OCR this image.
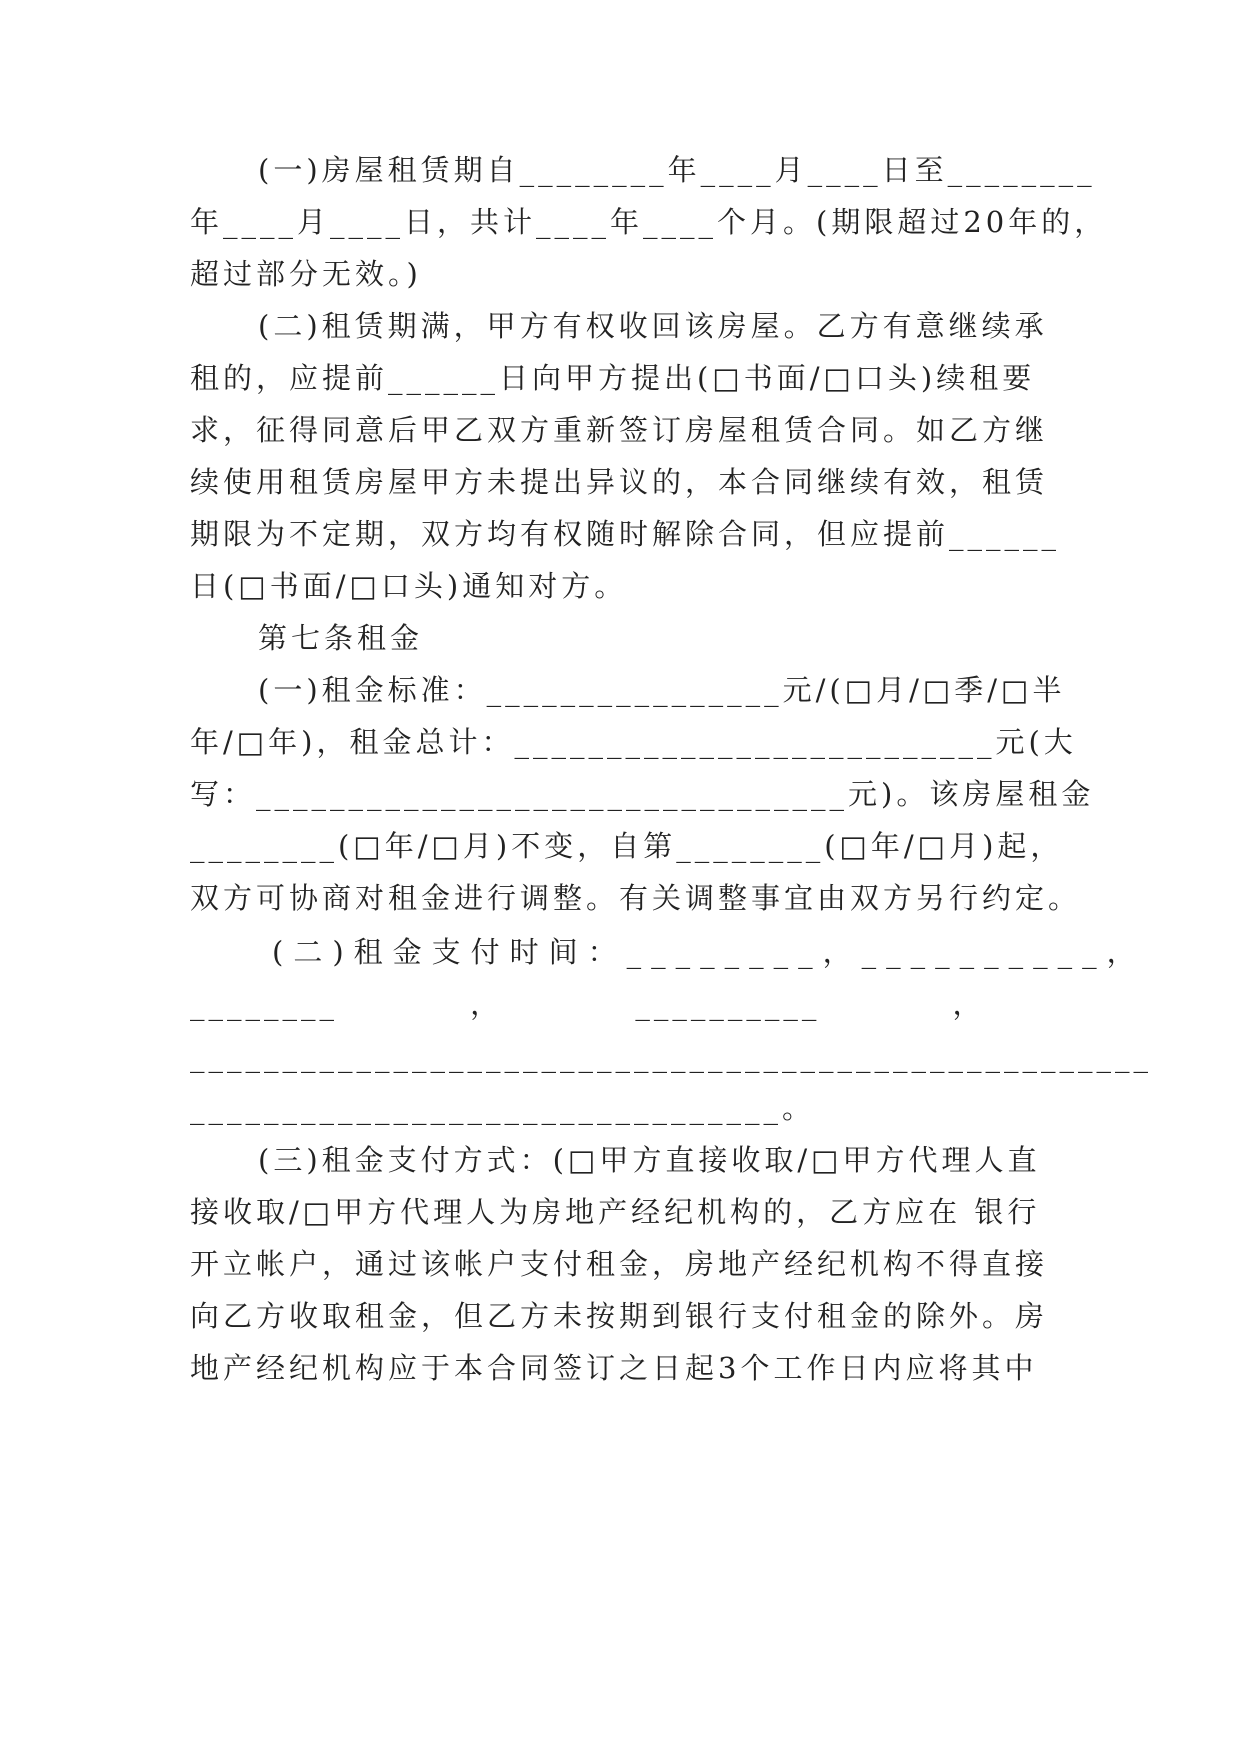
(一)房屋租赁期自________年____月____日至________
年____月____日，共计____年____个月。(期限超过20年的，
超过部分无效。)
(二)租赁期满，甲方有权收回该房屋。乙方有意继续承
租的，应提前______日向甲方提出(□书面/□口头)续租要
求，征得同意后甲乙双方重新签订房屋租赁合同。如乙方继
续使用租赁房屋甲方未提出异议的，本合同继续有效，租赁
期限为不定期，双方均有权随时解除合同，但应提前______
日(□书面/□口头)通知对方。
第七条租金
(一)租金标准：________________元/(□月/□季/□半
年/□年)，租金总计：__________________________元(大
写：________________________________元)。该房屋租金
________(□年/□月)不变，自第________(□年/□月)起，
双方可协商对租金进行调整。有关调整事宜由双方另行约定。
(二)租金支付时间：________，__________，
________          ，          __________          ，
____________________________________________________
________________________________。
(三)租金支付方式：(□甲方直接收取/□甲方代理人直
接收取/□甲方代理人为房地产经纪机构的，乙方应在 银行
开立帐户，通过该帐户支付租金，房地产经纪机构不得直接
向乙方收取租金，但乙方未按期到银行支付租金的除外。房
地产经纪机构应于本合同签订之日起3个工作日内应将其中
